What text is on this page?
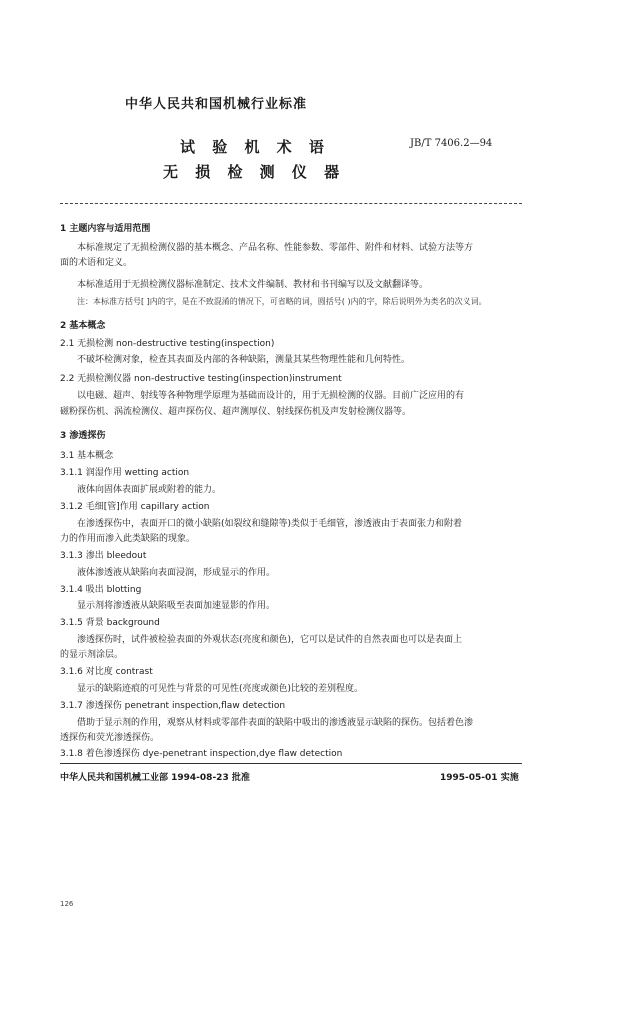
中华人民共和国机械行业标准
试 验 机 术 语
无 损 检 测 仪 器
JB/T 7406.2—94
1 主题内容与适用范围
本标准规定了无损检测仪器的基本概念、产品名称、性能参数、零部件、附件和材料、试验方法等方
面的术语和定义。
本标准适用于无损检测仪器标准制定、技术文件编制、教材和书刊编写以及文献翻译等。
注：本标准方括号[ ]内的字，是在不致混淆的情况下，可省略的词，圆括号( )内的字，除后说明外为类名的次义词。
2 基本概念
2.1 无损检测 non-destructive testing(inspection)
不破坏检测对象，检查其表面及内部的各种缺陷，测量其某些物理性能和几何特性。
2.2 无损检测仪器 non-destructive testing(inspection)instrument
以电磁、超声、射线等各种物理学原理为基础而设计的，用于无损检测的仪器。目前广泛应用的有
磁粉探伤机、涡流检测仪、超声探伤仪、超声测厚仪、射线探伤机及声发射检测仪器等。
3 渗透探伤
3.1 基本概念
3.1.1 润湿作用 wetting action
液体向固体表面扩展或附着的能力。
3.1.2 毛细[管]作用 capillary action
在渗透探伤中，表面开口的微小缺陷(如裂纹和缝隙等)类似于毛细管，渗透液由于表面张力和附着
力的作用而渗入此类缺陷的现象。
3.1.3 渗出 bleedout
液体渗透液从缺陷向表面浸润，形成显示的作用。
3.1.4 吸出 blotting
显示剂将渗透液从缺陷吸至表面加速显影的作用。
3.1.5 背景 background
渗透探伤时，试件被检验表面的外观状态(亮度和颜色)，它可以是试件的自然表面也可以是表面上
的显示剂涂层。
3.1.6 对比度 contrast
显示的缺陷迹痕的可见性与背景的可见性(亮度或颜色)比较的差别程度。
3.1.7 渗透探伤 penetrant inspection,flaw detection
借助于显示剂的作用，观察从材料或零部件表面的缺陷中吸出的渗透液显示缺陷的探伤。包括着色渗
透探伤和荧光渗透探伤。
3.1.8 着色渗透探伤 dye-penetrant inspection,dye flaw detection
中华人民共和国机械工业部 1994-08-23 批准	1995-05-01 实施
126
